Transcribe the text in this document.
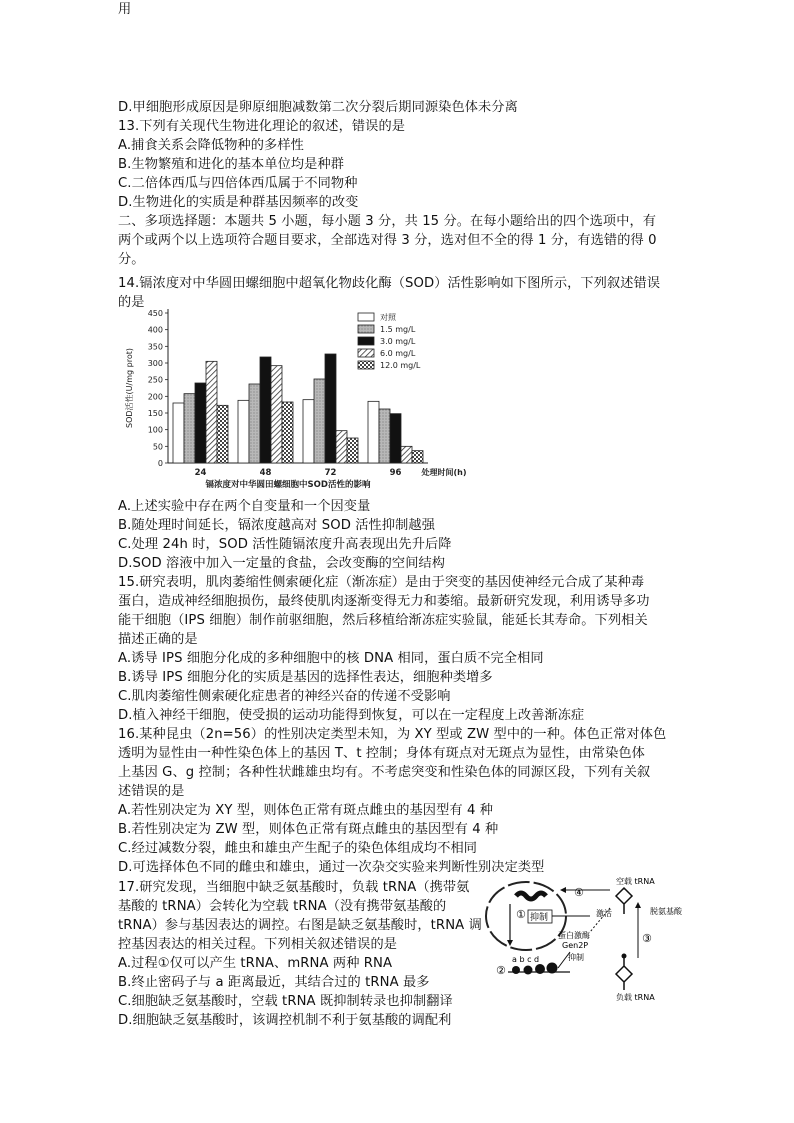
D.甲细胞形成原因是卵原细胞减数第二次分裂后期同源染色体未分离
13.下列有关现代生物进化理论的叙述，错误的是
A.捕食关系会降低物种的多样性
B.生物繁殖和进化的基本单位均是种群
C.二倍体西瓜与四倍体西瓜属于不同物种
D.生物进化的实质是种群基因频率的改变
二、多项选择题：本题共 5 小题，每小题 3 分，共 15 分。在每小题给出的四个选项中，有
两个或两个以上选项符合题目要求，全部选对得 3 分，选对但不全的得 1 分，有选错的得 0
分。
14.镉浓度对中华圆田螺细胞中超氧化物歧化酶（SOD）活性影响如下图所示，下列叙述错误
的是
A.上述实验中存在两个自变量和一个因变量
B.随处理时间延长，镉浓度越高对 SOD 活性抑制越强
C.处理 24h 时，SOD 活性随镉浓度升高表现出先升后降
D.SOD 溶液中加入一定量的食盐，会改变酶的空间结构
15.研究表明，肌肉萎缩性侧索硬化症（渐冻症）是由于突变的基因使神经元合成了某种毒
蛋白，造成神经细胞损伤，最终使肌肉逐渐变得无力和萎缩。最新研究发现，利用诱导多功
能干细胞（IPS 细胞）制作前驱细胞，然后移植给渐冻症实验鼠，能延长其寿命。下列相关
描述正确的是
A.诱导 IPS 细胞分化成的多种细胞中的核 DNA 相同，蛋白质不完全相同
B.诱导 IPS 细胞分化的实质是基因的选择性表达，细胞种类增多
C.肌肉萎缩性侧索硬化症患者的神经兴奋的传递不受影响
D.植入神经干细胞，使受损的运动功能得到恢复，可以在一定程度上改善渐冻症
16.某种昆虫（2n=56）的性别决定类型未知，为 XY 型或 ZW 型中的一种。体色正常对体色
透明为显性由一种性染色体上的基因 T、t 控制；身体有斑点对无斑点为显性，由常染色体
上基因 G、g 控制；各种性状雌雄虫均有。不考虑突变和性染色体的同源区段，下列有关叙
述错误的是
A.若性别决定为 XY 型，则体色正常有斑点雌虫的基因型有 4 种
B.若性别决定为 ZW 型，则体色正常有斑点雌虫的基因型有 4 种
C.经过减数分裂，雌虫和雄虫产生配子的染色体组成均不相同
D.可选择体色不同的雌虫和雄虫，通过一次杂交实验来判断性别决定类型
17.研究发现，当细胞中缺乏氨基酸时，负载 tRNA（携带氨
基酸的 tRNA）会转化为空载 tRNA（没有携带氨基酸的
tRNA）参与基因表达的调控。右图是缺乏氨基酸时，tRNA 调
控基因表达的相关过程。下列相关叙述错误的是
A.过程①仅可以产生 tRNA、mRNA 两种 RNA
B.终止密码子与 a 距离最近，其结合过的 tRNA 最多
C.细胞缺乏氨基酸时，空载 tRNA 既抑制转录也抑制翻译
D.细胞缺乏氨基酸时，该调控机制不利于氨基酸的调配利
用
0
50
100
150
200
250
300
350
400
450
SOD活性(U/mg prot)
24	48	72	96	处理时间(h)
镉浓度对中华圆田螺细胞中SOD活性的影响
对照
1.5 mg/L
3.0 mg/L
6.0 mg/L
12.0 mg/L
① 抑制
②
a b c d
蛋白激酶
Gen2P
抑制
④
激活
空载 tRNA
脱氨基酸
③
负载 tRNA
